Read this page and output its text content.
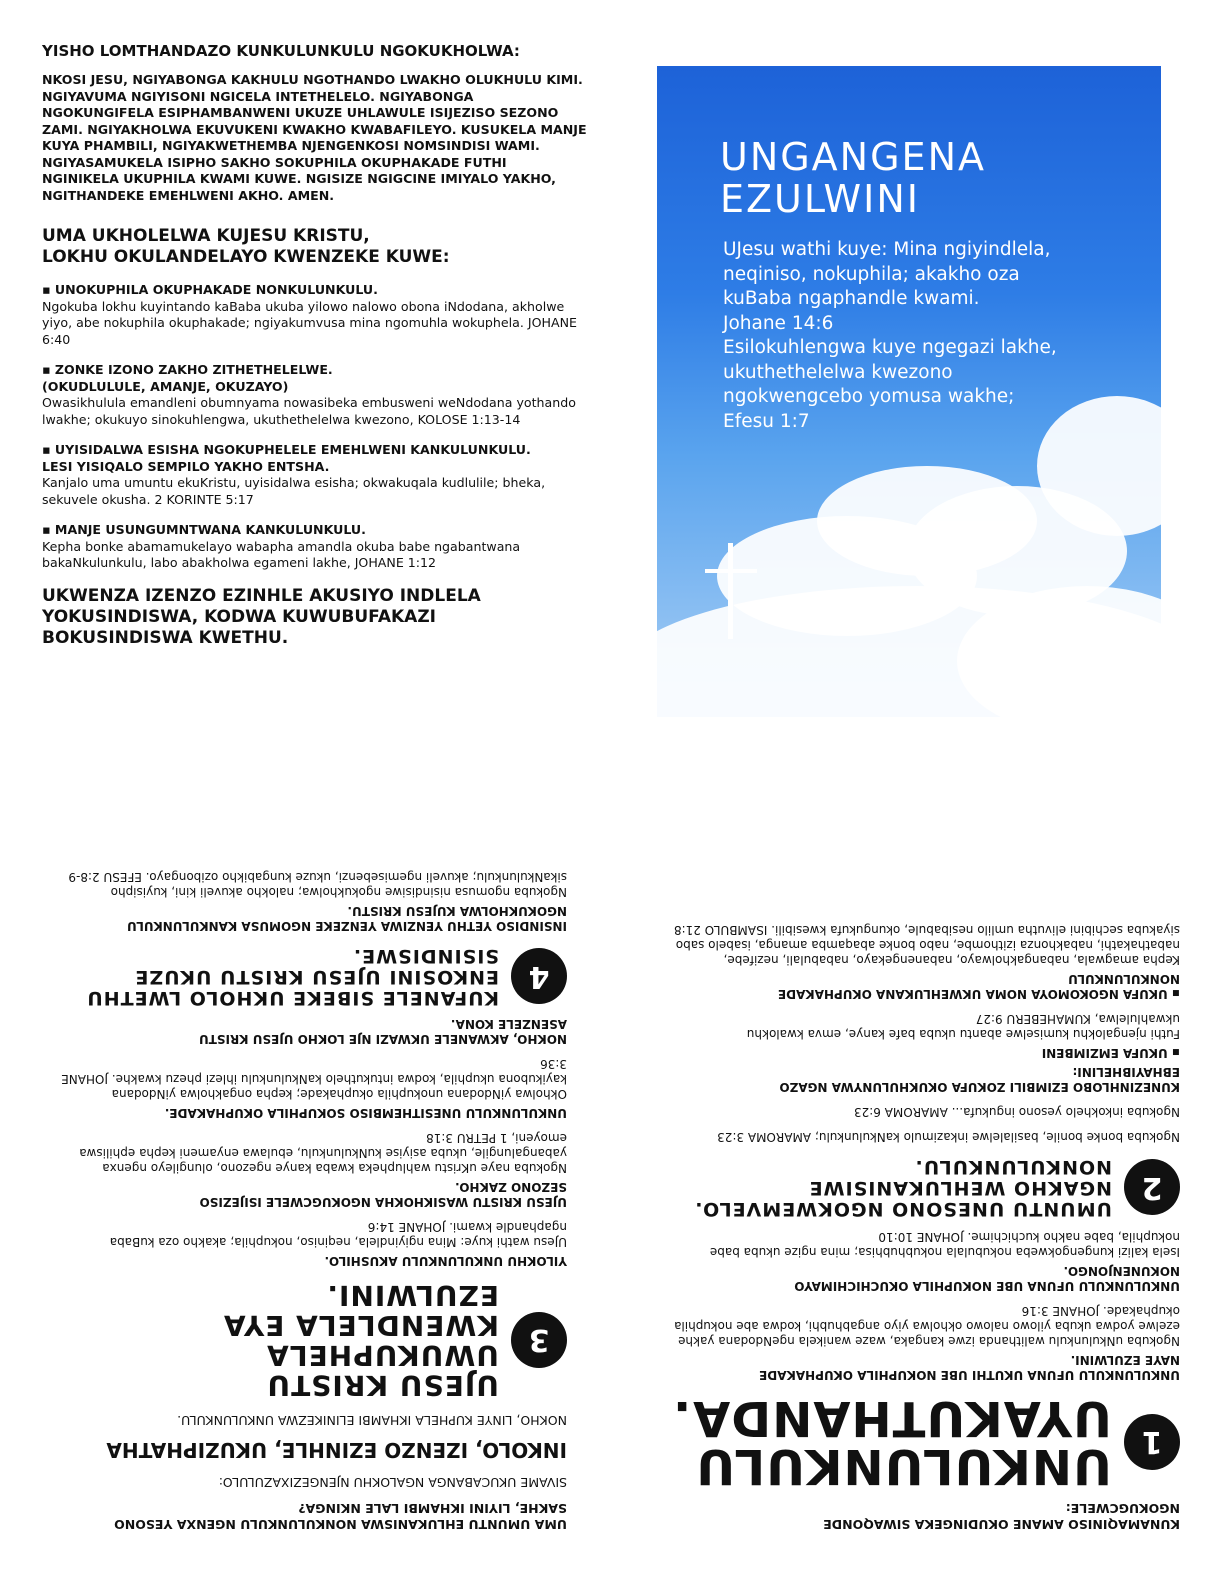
YISHO LOMTHANDAZO KUNKULUNKULU NGOKUKHOLWA:
NKOSI JESU, NGIYABONGA KAKHULU NGOTHANDO LWAKHO OLUKHULU KIMI. NGIYAVUMA NGIYISONI NGICELA INTETHELELO. NGIYABONGA NGOKUNGIFELA ESIPHAMBANWENI UKUZE UHLAWULE ISIJEZISO SEZONO ZAMI. NGIYAKHOLWA EKUVUKENI KWAKHO KWABAFILEYO. KUSUKELA MANJE KUYA PHAMBILI, NGIYAKWETHEMBA NJENGENKOSI NOMSINDISI WAMI. NGIYASAMUKELA ISIPHO SAKHO SOKUPHILA OKUPHAKADE FUTHI NGINIKELA UKUPHILA KWAMI KUWE. NGISIZE NGIGCINE IMIYALO YAKHO, NGITHANDEKE EMEHLWENI AKHO. AMEN.
UMA UKHOLELWA KUJESU KRISTU,
LOKHU OKULANDELAYO KWENZEKE KUWE:
▪ UNOKUPHILA OKUPHAKADE NONKULUNKULU.
Ngokuba lokhu kuyintando kaBaba ukuba yilowo nalowo obona iNdodana, akholwe yiyo, abe nokuphila okuphakade; ngiyakumvusa mina ngomuhla wokuphela. JOHANE 6:40
▪ ZONKE IZONO ZAKHO ZITHETHELELWE.
(OKUDLULULE, AMANJE, OKUZAYO)
Owasikhulula emandleni obumnyama nowasibeka embusweni weNdodana yothando lwakhe; okukuyo sinokuhlengwa, ukuthethelelwa kwezono, KOLOSE 1:13-14
▪ UYISIDALWA ESISHA NGOKUPHELELE EMEHLWENI KANKULUNKULU.
LESI YISIQALO SEMPILO YAKHO ENTSHA.
Kanjalo uma umuntu ekuKristu, uyisidalwa esisha; okwakuqala kudlulile; bheka, sekuvele okusha. 2 KORINTE 5:17
▪ MANJE USUNGUMNTWANA KANKULUNKULU.
Kepha bonke abamamukelayo wabapha amandla okuba babe ngabantwana bakaNkulunkulu, labo abakholwa egameni lakhe, JOHANE 1:12
UKWENZA IZENZO EZINHLE AKUSIYO INDLELA
YOKUSINDISWA, KODWA KUWUBUFAKAZI
BOKUSINDISWA KWETHU.
UNGANGENA
EZULWINI
UJesu wathi kuye: Mina ngiyindlela,
neqiniso, nokuphila; akakho oza
kuBaba ngaphandle kwami.
Johane 14:6
Esilokuhlengwa kuye ngegazi lakhe,
ukuthethelelwa kwezono
ngokwengcebo yomusa wakhe;
Efesu 1:7
KUNAMAQINISO AMANE OKUDINGEKA SIWAQONDE
NGOKUGCWELE:
1
UNKULUNKULU
UYAKUTHANDA.
UNKULUNKULU UFUNA UKUTHI UBE NOKUPHILA OKUPHAKADE
NAYE EZULWINI.

Ngokuba uNkulunkulu walithanda izwe kangaka, waze wanikela ngeNdodana yakhe ezelwe yodwa ukuba yilowo nalowo okholwa yiyo angabhubhi, kodwa abe nokuphila okuphakade. JOHANE 3:16

UNKULUNKULU UFUNA UBE NOKUPHILA OKUCHICHIMAYO
NOKUNENJONGO.

Isela kalizi kungengokweba nokubulala nokubhubhisa; mina ngize ukuba babe nokuphila, babe nakho kuchichime. JOHANE 10:10

2
UMUNTU UNESONO NGOKWEMVELO.
NGAKHO WEHLUKANISIWE NONKULUNKULU.

Ngokuba bonke bonile, basilalelwe inkazimulo kaNkulunkulu; AMAROMA 3:23

Ngokuba inkokhelo yesono ingukufa... AMAROMA 6:23

KUNEZINHLOBO EZIMBILI ZOKUFA OKUKHULUNYWA NGAZO
EBHAYIBHELINI:
▪ UKUFA EMZIMBENI

Futhi njengalokhu kumiselwe abantu ukuba bafe kanye, emva kwalokhu ukwahlulelwa, KUMAHEBERU 9:27

▪ UKUFA NGOKOMOYA NOMA UKWEHLUKANA OKUPHAKADE
NONKULUNKULU

Kepha amagwala, nabangakholwayo, nabanengekayo, nababulali, nezifebe, nabathakathi, nabakhonza izithombe, nabo bonke abaqamba amanga, isabelo sabo siyakuba sechibini elivutha umlilo nesibabule, okungukufa kwesibili. ISAMBULO 21:8

UMA UMUNTU EHLUKANISWA NONKULUNKULU NGENXA YESONO
SAKHE, LIYINI IKHAMBI LALE NKINGA?
SIVAME UKUCABANGA NGALOKHU NJENGEZIXAZULULO:
INKOLO, IZENZO EZINHLE, UKUZIPHATHA
NOKHO, LINYE KUPHELA IKHAMBI ELINIKEZWA UNKULUNKULU.
3
UJESU KRISTU UWUKUPHELA
KWENDLELA EYA EZULWINI.
YILOKHU UNKULUNKULU AKUSHILO.

UJesu wathi kuye: Mina ngiyindlela, neqiniso, nokuphila; akakho oza kuBaba ngaphandle kwami. JOHANE 14:6

UJESU KRISTU WASIKHOKHA NGOKUGCWELE ISIJEZISO
SEZONO ZAKHO.

Ngokuba naye uKristu wahlupheka kwaba kanye ngezono, olungileyo ngenxa yabangalungile, ukuba asiyise kuNkulunkulu, ebulawa enyameni kepha ephiliswa emoyeni, 1 PETRU 3:18

UNKULUNKULU UNESITHEMBISO SOKUPHILA OKUPHAKADE.

Okholwa yiNdodana unokuphila okuphakade; kepha ongakholwa yiNdodana kayikubona ukuphila, kodwa intukuthelo kaNkulunkulu ihlezi phezu kwakhe. JOHANE 3:36

NOKHO, AKWANELE UKWAZI NJE LOKHO UJESU KRISTU
ASENZELE KONA.
4
KUFANELE SIBEKE UKHOLO LWETHU
ENKOSINI UJESU KRISTU UKUZE SISINDISWE.
INSINDISO YETHU YENZIWA YENZEKE NGOMUSA KANKULUNKULU
NGOKUKHOLWA KUJESU KRISTU.

Ngokuba ngomusa nisindisiwe ngokukholwa; nalokho akuveli kini, kuyisipho sikaNkulunkulu; akuveli ngemisebenzi, ukuze kungabikho ozibongayo. EFESU 2:8-9
